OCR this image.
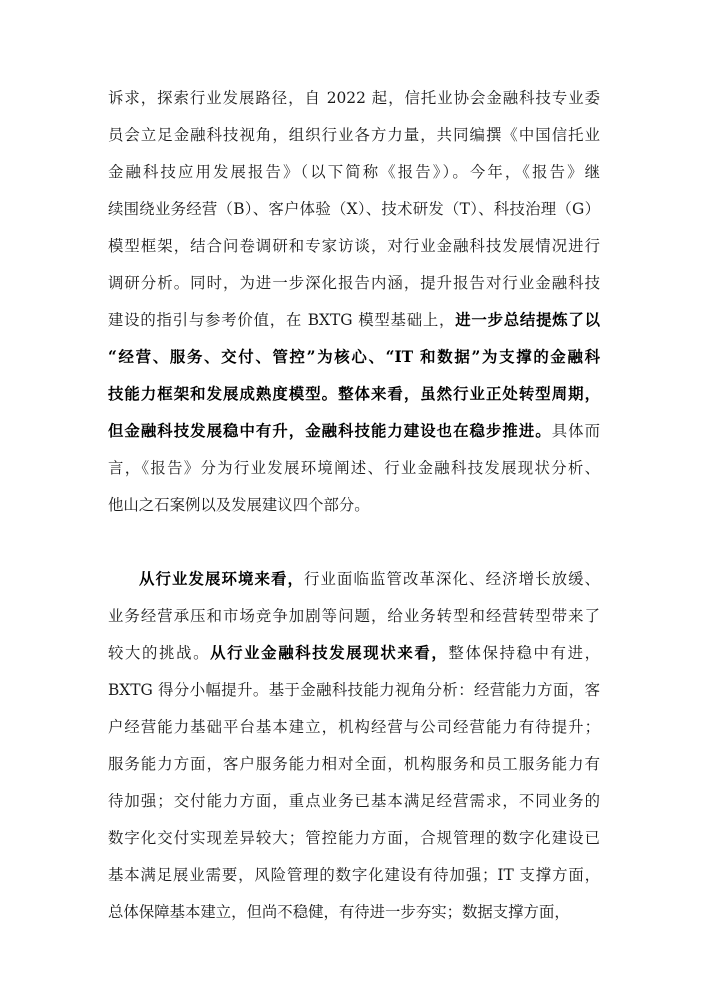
诉求，探索行业发展路径，自 2022 起，信托业协会金融科技专业委
员会立足金融科技视角，组织行业各方力量，共同编撰《中国信托业
金融科技应用发展报告》（以下简称《报告》）。今年，《报告》继
续围绕业务经营（B）、客户体验（X）、技术研发（T）、科技治理（G）
模型框架，结合问卷调研和专家访谈，对行业金融科技发展情况进行
调研分析。同时，为进一步深化报告内涵，提升报告对行业金融科技
建设的指引与参考价值，在 BXTG 模型基础上，进一步总结提炼了以
“经营、服务、交付、管控”为核心、“IT 和数据”为支撑的金融科
技能力框架和发展成熟度模型。整体来看，虽然行业正处转型周期，
但金融科技发展稳中有升，金融科技能力建设也在稳步推进。具体而
言，《报告》分为行业发展环境阐述、行业金融科技发展现状分析、
他山之石案例以及发展建议四个部分。
从行业发展环境来看，行业面临监管改革深化、经济增长放缓、
业务经营承压和市场竞争加剧等问题，给业务转型和经营转型带来了
较大的挑战。从行业金融科技发展现状来看，整体保持稳中有进，
BXTG 得分小幅提升。基于金融科技能力视角分析：经营能力方面，客
户经营能力基础平台基本建立，机构经营与公司经营能力有待提升；
服务能力方面，客户服务能力相对全面，机构服务和员工服务能力有
待加强；交付能力方面，重点业务已基本满足经营需求，不同业务的
数字化交付实现差异较大；管控能力方面，合规管理的数字化建设已
基本满足展业需要，风险管理的数字化建设有待加强；IT 支撑方面，
总体保障基本建立，但尚不稳健，有待进一步夯实；数据支撑方面，
